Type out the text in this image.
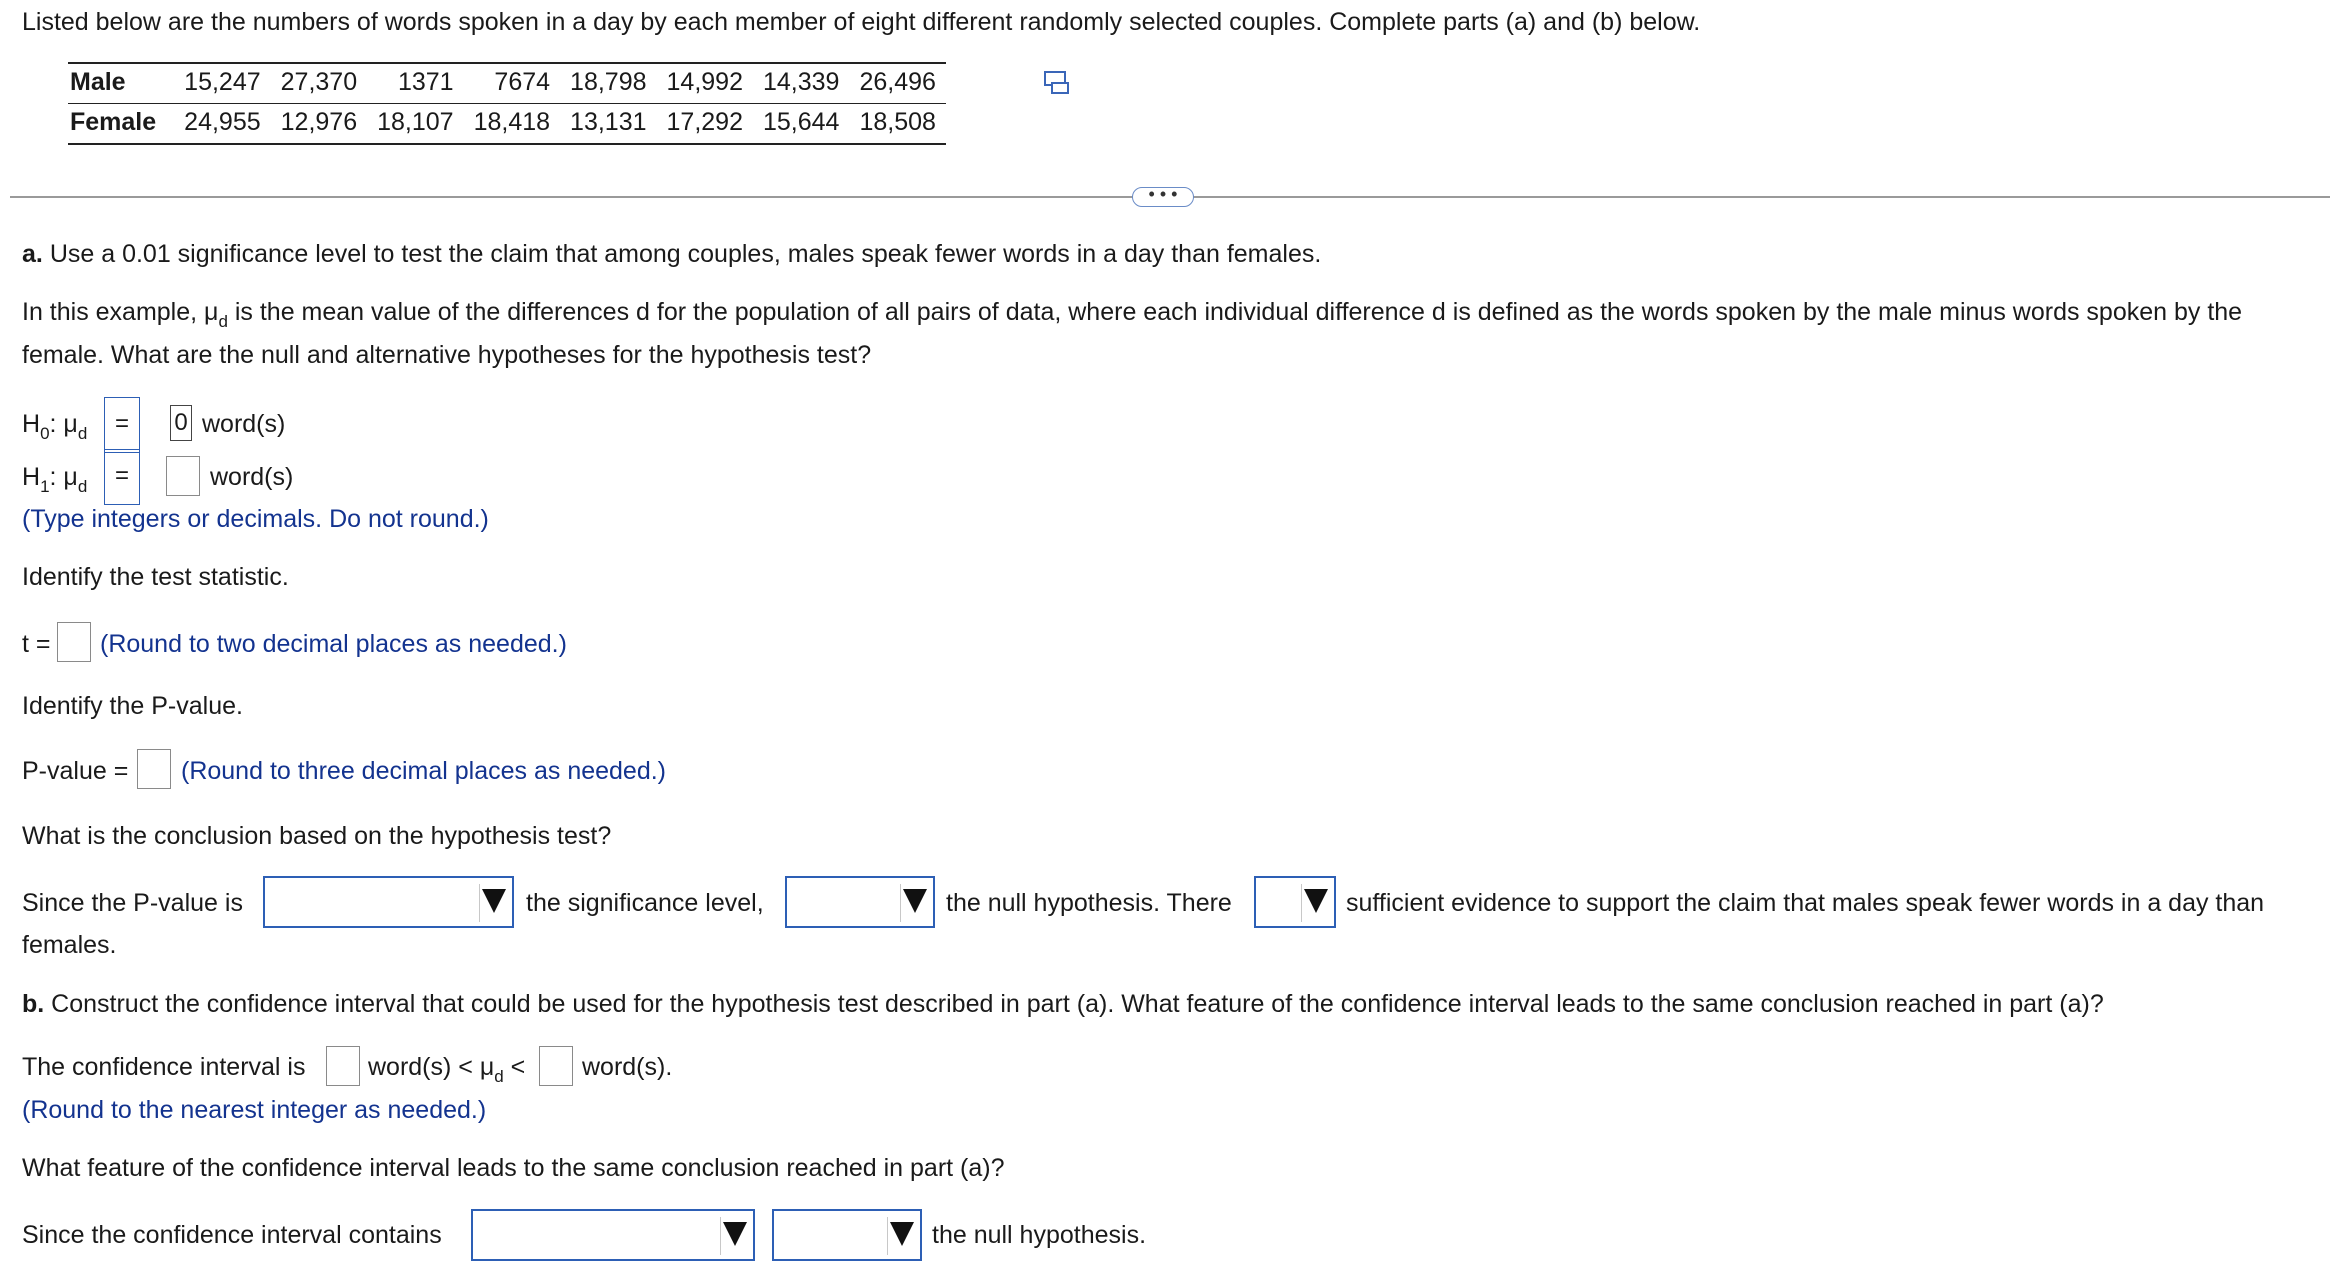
Listed below are the numbers of words spoken in a day by each member of eight different randomly selected couples. Complete parts (a) and (b) below.
Male	15,247	27,370	1371	7674	18,798	14,992	14,339	26,496
Female	24,955	12,976	18,107	18,418	13,131	17,292	15,644	18,508
• • •
a. Use a 0.01 significance level to test the claim that among couples, males speak fewer words in a day than females.
In this example, $\mu_d$ is the mean value of the differences d for the population of all pairs of data, where each individual difference d is defined as the words spoken by the male minus words spoken by the
female. What are the null and alternative hypotheses for the hypothesis test?
$H_0$: $\mu_d$	=	0 word(s)
$H_1$: $\mu_d$	=	word(s)
(Type integers or decimals. Do not round.)
Identify the test statistic.
t = (Round to two decimal places as needed.)
Identify the P-value.
P-value = (Round to three decimal places as needed.)
What is the conclusion based on the hypothesis test?
Since the P-value is	the significance level,	the null hypothesis. There	sufficient evidence to support the claim that males speak fewer words in a day than
females.
b. Construct the confidence interval that could be used for the hypothesis test described in part (a). What feature of the confidence interval leads to the same conclusion reached in part (a)?
The confidence interval is	word(s) < $\mu_d$ < word(s).
(Round to the nearest integer as needed.)
What feature of the confidence interval leads to the same conclusion reached in part (a)?
Since the confidence interval contains	the null hypothesis.
